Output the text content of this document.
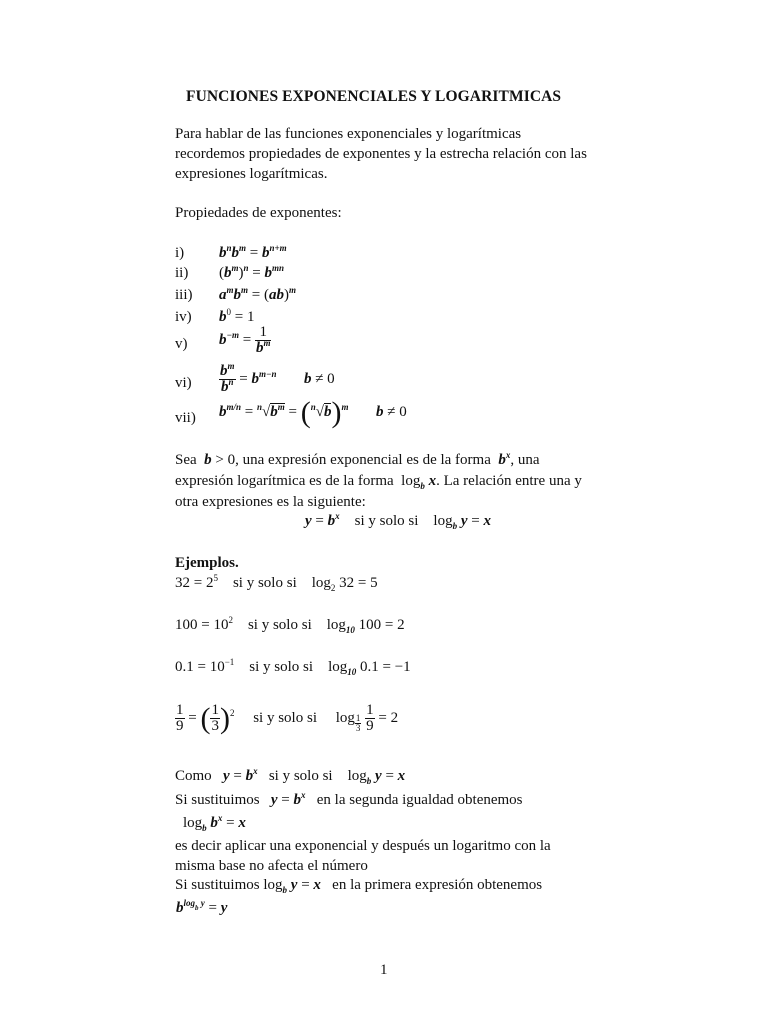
FUNCIONES EXPONENCIALES Y LOGARITMICAS
Para hablar de las funciones exponenciales y logarítmicas
recordemos propiedades de exponentes y la estrecha relación con las
expresiones logarítmicas.
Propiedades de exponentes:
i)
ii)
iii)
iv)
v)
vi)
vii)
$b^nb^m = b^{n+m}$
$(b^m)^n = b^{mn}$
$a^mb^m = (ab)^m$
$b^0 = 1$
$b^{-m} = \frac{1}{b^m}$
$\frac{b^m}{b^n} = b^{m-n}$ b ≠ 0
$b^{m/n} = ^n√b^m = (^n√b)^m$ b ≠ 0
Sea  b > 0, una expresión exponencial es de la forma $b^x$, una
expresión logarítmica es de la forma $\log_b x$. La relación entre una y
otra expresiones es la siguiente:
$y = b^x$ si y solo si $\log_b y = x$
Ejemplos.
$32 = 2^5$ si y solo si $\log_2 32 = 5$
$100 = 10^2$ si y solo si $\log_{10} 100 = 2$
$0.1 = 10^{-1}$ si y solo si $\log_{10} 0.1 = -1$
$\frac{1}{9}$ = ( $\frac{1}{3} )^2$ si y solo si log $_{\frac{1}{3}}$
$\frac{1}{9} = 2$
Como $y = b^x$ si y solo si $\log_b y = x$
Si sustituimos $y = b^x$ en la segunda igualdad obtenemos
$\log_b b^x = x$
es decir aplicar una exponencial y después un logaritmo con la
misma base no afecta el número
Si sustituimos $\log_b y = x$ en la primera expresión obtenemos
$b^{log_b y} = y$
1
